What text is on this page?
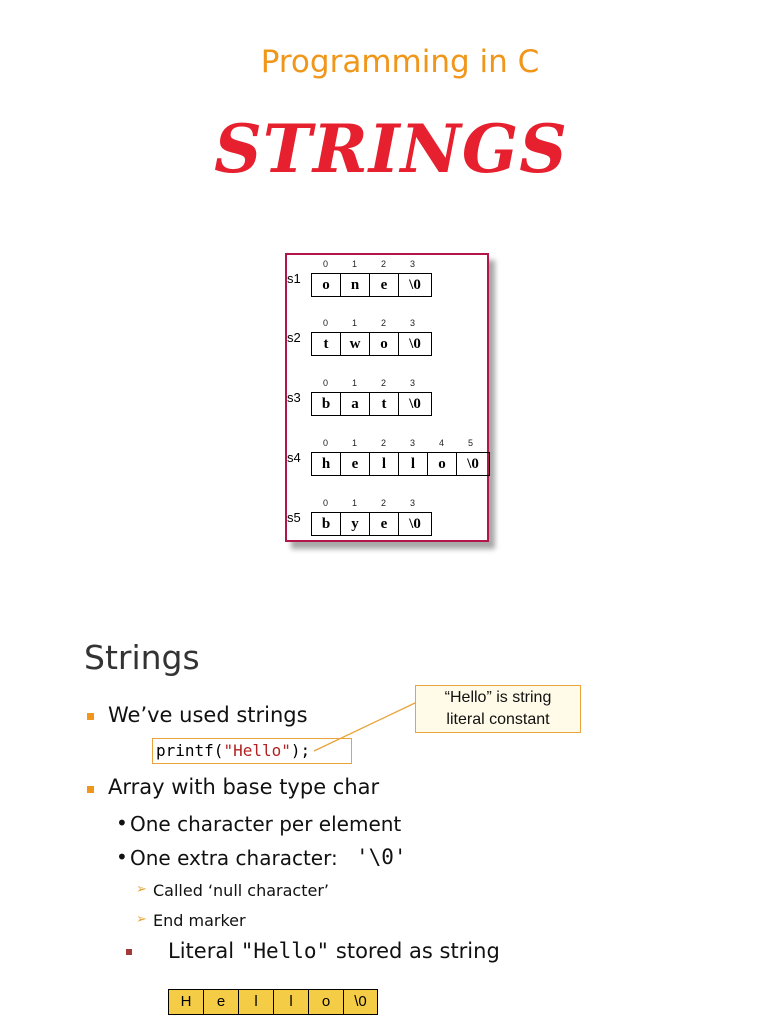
Programming in C
STRINGS
s1
0	1	2	3
o	n	e	\0
s2
0	1	2	3
t	w	o	\0
s3
0	1	2	3
b	a	t	\0
s4
0	1	2	3	4	5
h	e	l	l	o	\0
s5
0	1	2	3
b	y	e	\0
Strings
We’ve used strings
“Hello” is string
literal constant
printf("Hello");
Array with base type char
• One character per element
• One extra character: '\0'
➢ Called ‘null character’
➢ End marker
Literal "Hello" stored as string
H	e	l	l	o	\0
